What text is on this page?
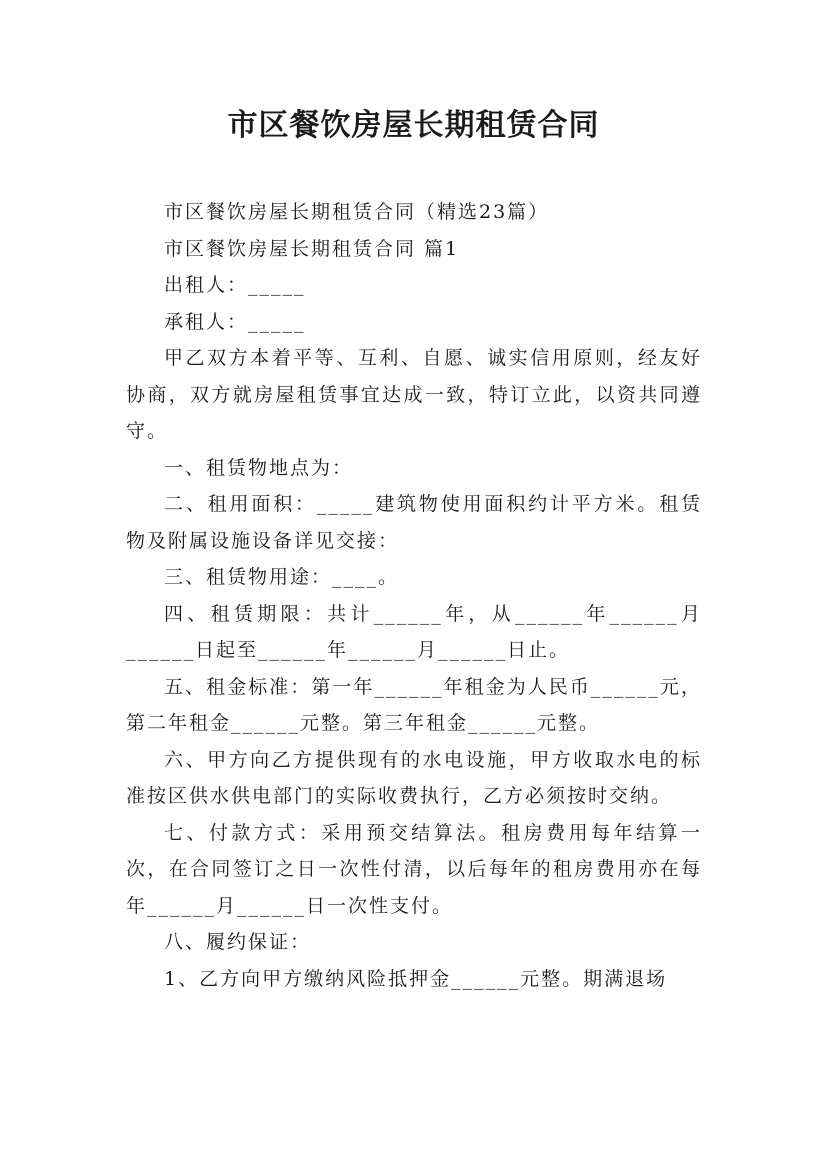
市区餐饮房屋长期租赁合同

市区餐饮房屋长期租赁合同（精选23篇）

市区餐饮房屋长期租赁合同 篇1

出租人：_____

承租人：_____

甲乙双方本着平等、互利、自愿、诚实信用原则，经友好协商，双方就房屋租赁事宜达成一致，特订立此，以资共同遵守。

一、租赁物地点为：

二、租用面积：_____建筑物使用面积约计平方米。租赁物及附属设施设备详见交接：

三、租赁物用途：____。

四、租赁期限：共计______年，从______年______月______日起至______年______月______日止。

五、租金标准：第一年______年租金为人民币______元，第二年租金______元整。第三年租金______元整。

六、甲方向乙方提供现有的水电设施，甲方收取水电的标准按区供水供电部门的实际收费执行，乙方必须按时交纳。

七、付款方式：采用预交结算法。租房费用每年结算一次，在合同签订之日一次性付清，以后每年的租房费用亦在每年______月______日一次性支付。

八、履约保证：

1、乙方向甲方缴纳风险抵押金______元整。期满退场
